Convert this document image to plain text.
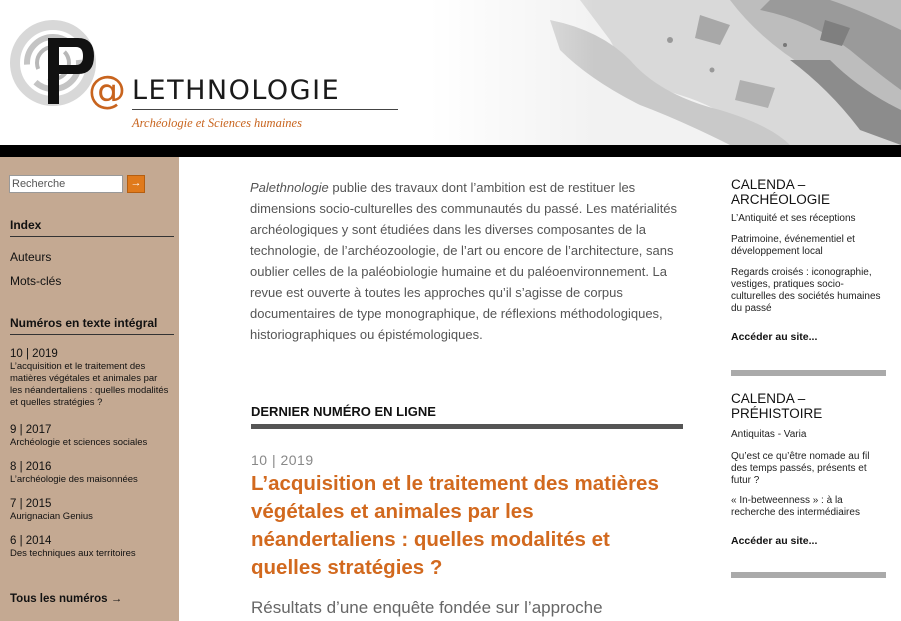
@ LETHNOLOGIE
Archéologie et Sciences humaines
Recherche
→
Index
Auteurs
Mots-clés
Numéros en texte intégral
10 | 2019
L’acquisition et le traitement des matières végétales et animales par les néandertaliens : quelles modalités et quelles stratégies ?
9 | 2017
Archéologie et sciences sociales
8 | 2016
L’archéologie des maisonnées
7 | 2015
Aurignacian Genius
6 | 2014
Des techniques aux territoires
Tous les numéros →
Palethnologie publie des travaux dont l’ambition est de restituer les dimensions socio-culturelles des communautés du passé. Les matérialités archéologiques y sont étudiées dans les diverses composantes de la technologie, de l’archéozoologie, de l’art ou encore de l’architecture, sans oublier celles de la paléobiologie humaine et du paléoenvironnement. La revue est ouverte à toutes les approches qu’il s’agisse de corpus documentaires de type monographique, de réflexions méthodologiques, historiographiques ou épistémologiques.
DERNIER NUMÉRO EN LIGNE
10 | 2019
L’acquisition et le traitement des matières végétales et animales par les néandertaliens : quelles modalités et quelles stratégies ?
Résultats d’une enquête fondée sur l’approche
CALENDA – ARCHÉOLOGIE
L’Antiquité et ses réceptions
Patrimoine, événementiel et développement local
Regards croisés : iconographie, vestiges, pratiques socio-culturelles des sociétés humaines du passé
Accéder au site...
CALENDA – PRÉHISTOIRE
Antiquitas - Varia
Qu’est ce qu’être nomade au fil des temps passés, présents et futur ?
« In-betweenness » : à la recherche des intermédiaires
Accéder au site...
